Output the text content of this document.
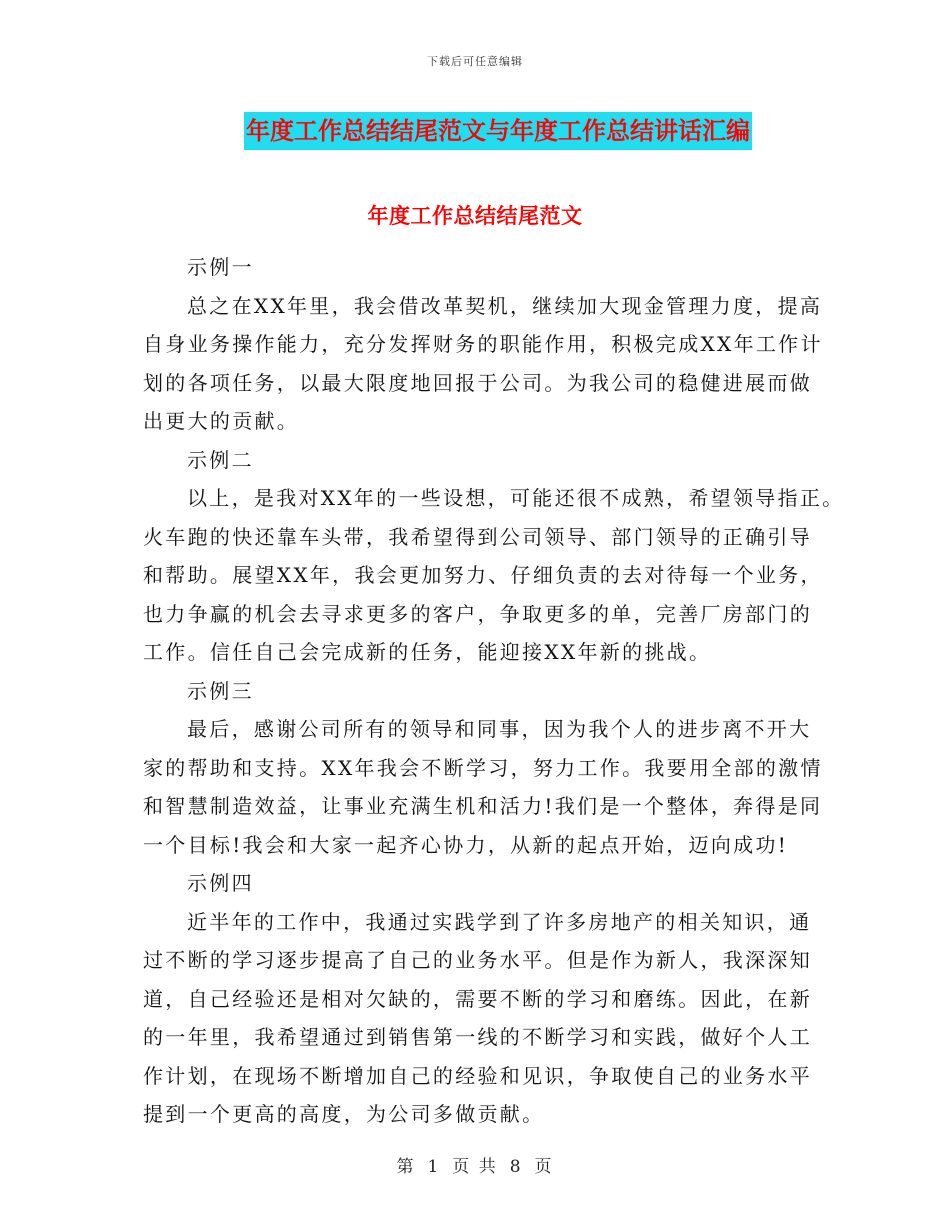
下载后可任意编辑
年度工作总结结尾范文与年度工作总结讲话汇编
年度工作总结结尾范文
示例一
总之在XX年里，我会借改革契机，继续加大现金管理力度，提高
自身业务操作能力，充分发挥财务的职能作用，积极完成XX年工作计
划的各项任务，以最大限度地回报于公司。为我公司的稳健进展而做
出更大的贡献。
示例二
以上，是我对XX年的一些设想，可能还很不成熟，希望领导指正。
火车跑的快还靠车头带，我希望得到公司领导、部门领导的正确引导
和帮助。展望XX年，我会更加努力、仔细负责的去对待每一个业务，
也力争赢的机会去寻求更多的客户，争取更多的单，完善厂房部门的
工作。信任自己会完成新的任务，能迎接XX年新的挑战。
示例三
最后，感谢公司所有的领导和同事，因为我个人的进步离不开大
家的帮助和支持。XX年我会不断学习，努力工作。我要用全部的激情
和智慧制造效益，让事业充满生机和活力!我们是一个整体，奔得是同
一个目标!我会和大家一起齐心协力，从新的起点开始，迈向成功!
示例四
近半年的工作中，我通过实践学到了许多房地产的相关知识，通
过不断的学习逐步提高了自己的业务水平。但是作为新人，我深深知
道，自己经验还是相对欠缺的，需要不断的学习和磨练。因此，在新
的一年里，我希望通过到销售第一线的不断学习和实践，做好个人工
作计划，在现场不断增加自己的经验和见识，争取使自己的业务水平
提到一个更高的高度，为公司多做贡献。
第 1 页 共 8 页
